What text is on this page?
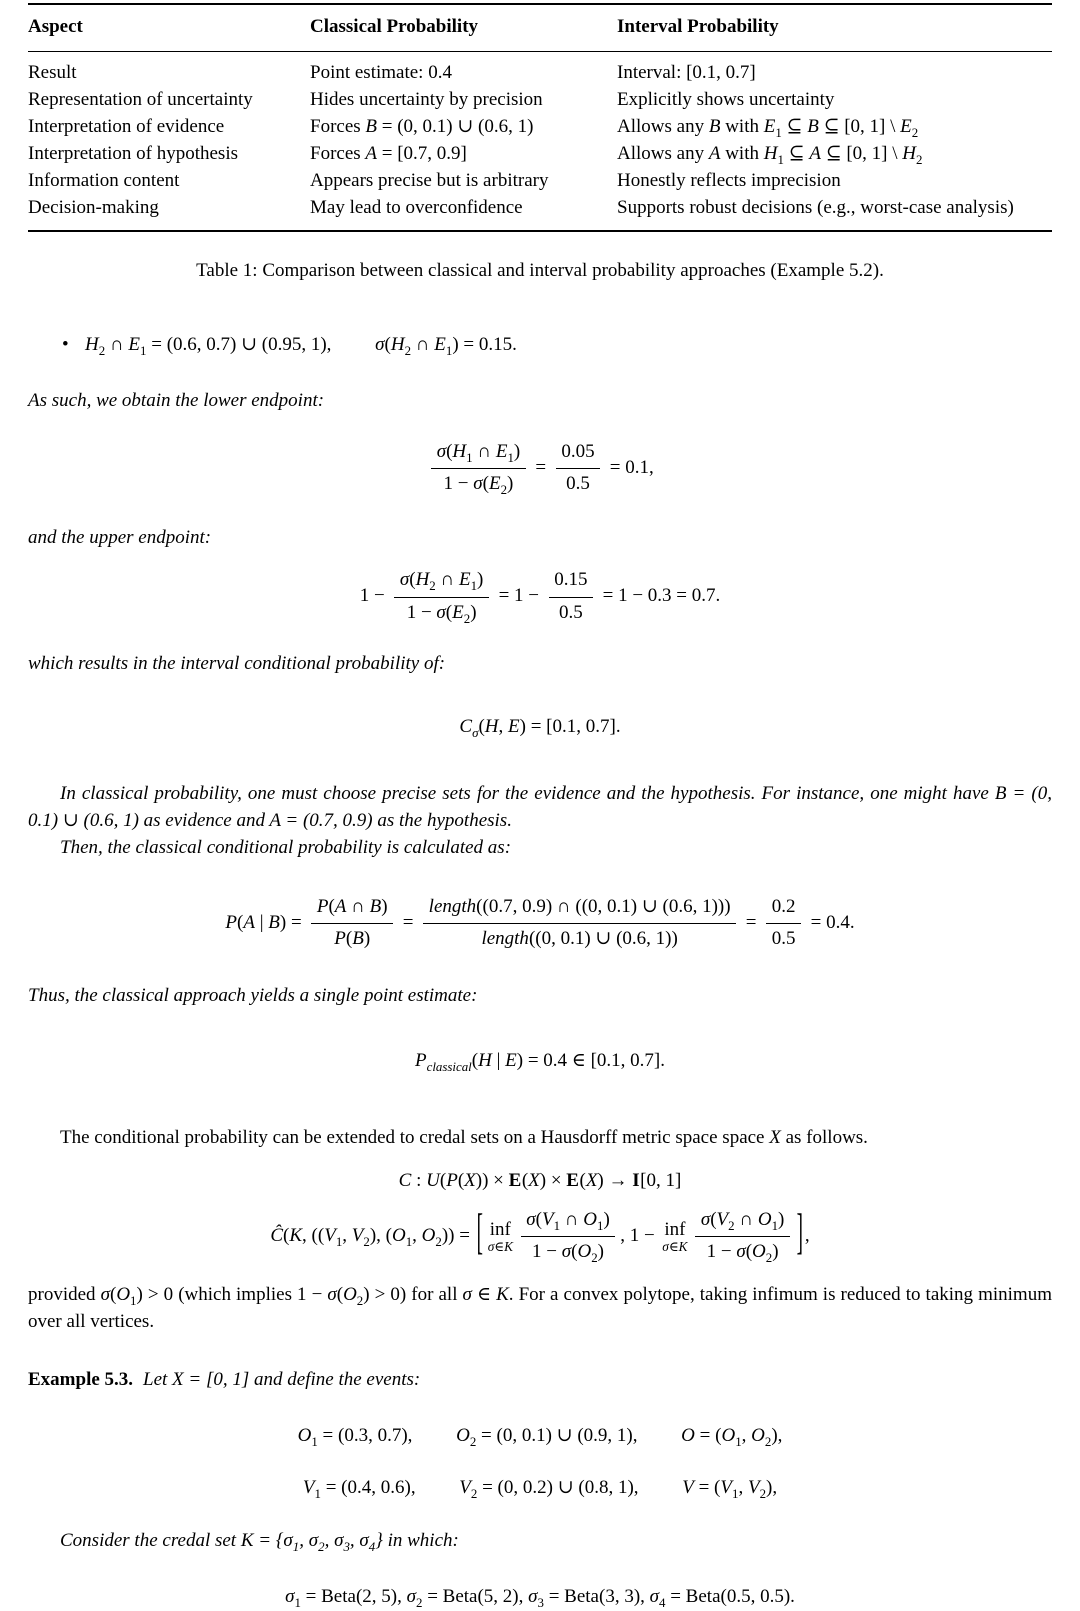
Aspect	Classical Probability	Interval Probability
Result	Point estimate: 0.4	Interval: [0.1, 0.7]
Representation of uncertainty	Hides uncertainty by precision	Explicitly shows uncertainty
Interpretation of evidence	Forces B = (0, 0.1) ∪ (0.6, 1)	Allows any B with $E_1$ ⊆ B ⊆ [0, 1] \ $E_2$
Interpretation of hypothesis	Forces A = [0.7, 0.9]	Allows any A with $H_1$ ⊆ A ⊆ [0, 1] \ $H_2$
Information content	Appears precise but is arbitrary	Honestly reflects imprecision
Decision-making	May lead to overconfidence	Supports robust decisions (e.g., worst-case analysis)
Table 1: Comparison between classical and interval probability approaches (Example 5.2).
• $H_2$ ∩ $E_1 = (0.6$, 0.7) ∪ (0.95, 1), $\sigma(H_2$ ∩ $E_1) = 0.15$.

As such, we obtain the lower endpoint:

$\frac{\sigma(H_1 \cap E_1)}{1 - \sigma(E_2)} = \frac{0.05}{0.5} = 0.1$,

and the upper endpoint:

$1 - \frac{\sigma(H_2 \cap E_1)}{1 - \sigma(E_2)} = 1 - \frac{0.15}{0.5} = 1 - 0.3 = 0.7$.

which results in the interval conditional probability of:

$C_\sigma(H$, E) = [0.1, 0.7].

In classical probability, one must choose precise sets for the evidence and the hypothesis. For instance, one might have B = (0, 0.1) ∪ (0.6, 1) as evidence and A = (0.7, 0.9) as the hypothesis.

Then, the classical conditional probability is calculated as:

P(A | $B) = \frac{P(A \cap B)}{P(B)}$ =
length((0.7, 0.9) ∩ ((0, 0.1) ∪ (0.6, 1)))
length((0, 0.1) ∪ (0.6, 1))
= $\frac{0.2}{0.5} = 0.4$.

Thus, the classical approach yields a single point estimate:

$P_{classical}(H$ | E) = 0.4 ∈ [0.1, 0.7].

The conditional probability can be extended to credal sets on a Hausdorff metric space space X as follows.

C : U(P(X)) × E(X) × E(X) → I[0, 1]
Ĉ(K, (($V_1$, $V_2$), ($O_1$, $O_2$)) = [ inf
σ∈K $\frac{\sigma(V_1 \cap O_1)}{1 - \sigma(O_2)}$ , 1 − inf
σ∈K $\frac{\sigma(V_2 \cap O_1)}{1 - \sigma(O_2)}$ ],

provided $\sigma(O_1) > 0$ (which implies $1 - \sigma(O_2) > 0$) for all σ ∈ K. For a convex polytope, taking infimum is reduced to taking minimum over all vertices.

Example 5.3. Let X = [0, 1] and define the events:

$O_1 = (0.3$, 0.7), $O_2 = (0$, 0.1) ∪ (0.9, 1), $O = (O_1$, $O_2$),
$V_1 = (0.4$, 0.6), $V_2 = (0$, 0.2) ∪ (0.8, 1), $V = (V_1$, $V_2$),

Consider the credal set $K = \{\sigma_1$, $\sigma_2$, $\sigma_3$, $\sigma_4$} in which:

$\sigma_1$ = Beta(2, 5), $\sigma_2$ = Beta(5, 2), $\sigma_3$ = Beta(3, 3), $\sigma_4$ = Beta(0.5, 0.5).
